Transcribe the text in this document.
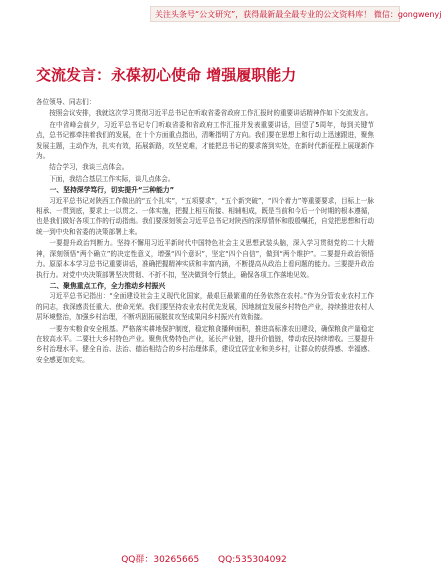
关注头条号“公文研究”，获得最新最全最专业的公文资料库！ 微信：gongwenyj
交流发言：永葆初心使命 增强履职能力

各位领导、同志们：

按照会议安排，我就这次学习贯彻习近平总书记在听取省委省政府工作汇报时的重要讲话精神作如下交流发言。

在中省峰会前夕，习近平总书记专门听取省委和省政府工作汇报并发表重要讲话，回望了5周年，每到关键节点，总书记都牵挂着我们的发展，在十个方面重点指出，清晰指明了方向。我们要在思想上和行动上迅速跟进，聚焦发展主题，主动作为，扎实有效，拓展新路，攻坚克难，才能把总书记的要求落到实处，在新时代新征程上展现新作为。

结合学习，我谈三点体会。

下面，我结合基层工作实际，谈几点体会。

一、坚持深学笃行，切实提升“三种能力”

习近平总书记对陕西工作做出的“五个扎实”，“五项要求”，“五个新突破”，“四个着力”等重要要求，目标上一脉相承、一贯到底，要求上一以贯之、一体实施，把握上相互衔接、相辅相成，既是当前和今后一个时期的根本遵循，也是我们做好各项工作的行动指南。我们要深刻领会习近平总书记对陕西的深厚情怀和殷殷嘱托，自觉把思想和行动统一到中央和省委的决策部署上来。

一要提升政治判断力。坚持不懈用习近平新时代中国特色社会主义思想武装头脑，深入学习贯彻党的二十大精神，深刻领悟“两个确立”的决定性意义，增强“四个意识”，坚定“四个自信”，做到“两个维护”。二要提升政治领悟力。原原本本学习总书记重要讲话，准确把握精神实质和丰富内涵，不断提高从政治上看问题的能力。三要提升政治执行力。对党中央决策部署坚决贯彻、不折不扣，坚决做到令行禁止，确保各项工作落地见效。

二、聚焦重点工作，全力推动乡村振兴

习近平总书记指出：“全面建设社会主义现代化国家，最艰巨最繁重的任务依然在农村。”作为分管农业农村工作的同志，我深感责任重大、使命光荣。我们要坚持农业农村优先发展，因地制宜发展乡村特色产业，持续推进农村人居环境整治，加强乡村治理，不断巩固拓展脱贫攻坚成果同乡村振兴有效衔接。

一要夯实粮食安全根基。严格落实耕地保护制度，稳定粮食播种面积，推进高标准农田建设，确保粮食产量稳定在较高水平。二要壮大乡村特色产业。聚焦优势特色产业，延长产业链，提升价值链，带动农民持续增收。三要提升乡村治理水平。健全自治、法治、德治相结合的乡村治理体系，建设宜居宜业和美乡村，让群众的获得感、幸福感、安全感更加充实。

QQ群：30265665 QQ:535304092
